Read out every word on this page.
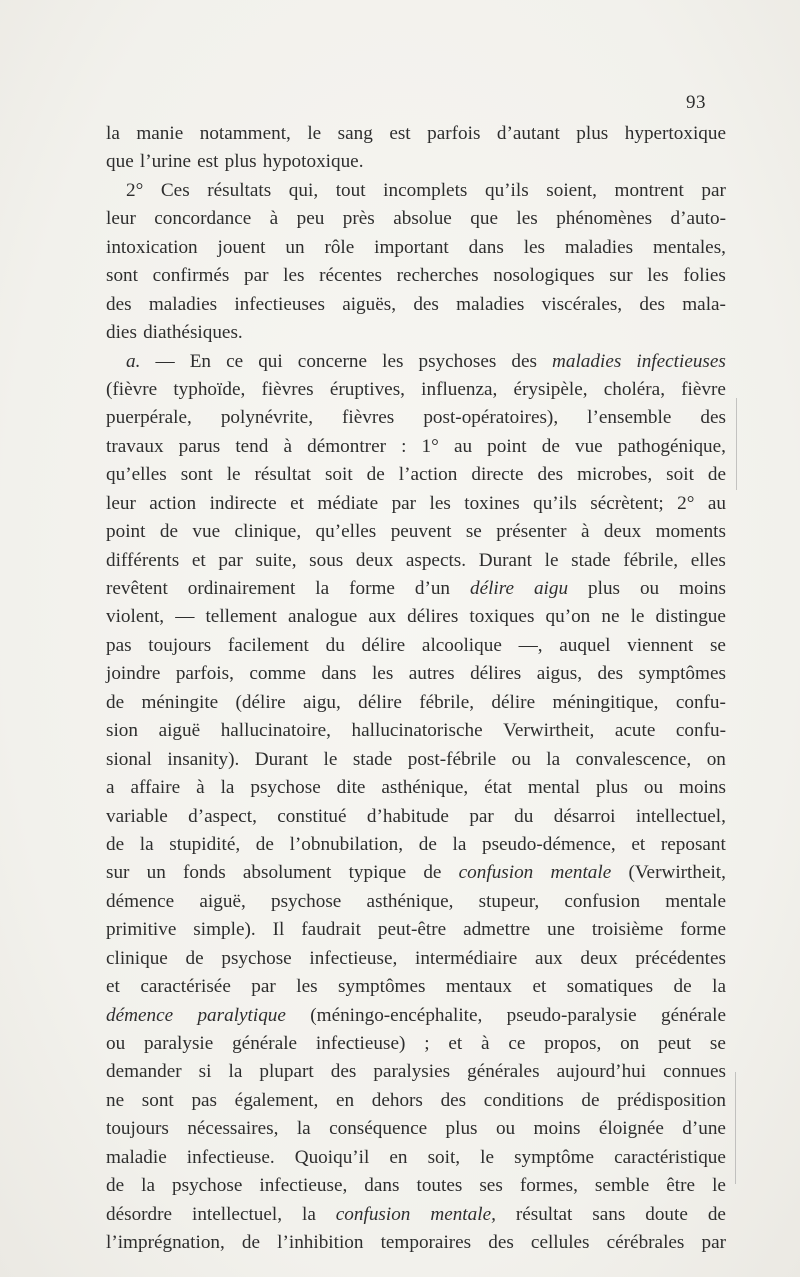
93
la manie notamment, le sang est parfois d’autant plus hypertoxique
que l’urine est plus hypotoxique.
2° Ces résultats qui, tout incomplets qu’ils soient, montrent par
leur concordance à peu près absolue que les phénomènes d’auto-
intoxication jouent un rôle important dans les maladies mentales,
sont confirmés par les récentes recherches nosologiques sur les folies
des maladies infectieuses aiguës, des maladies viscérales, des mala-
dies diathésiques.
a. — En ce qui concerne les psychoses des maladies infectieuses
(fièvre typhoïde, fièvres éruptives, influenza, érysipèle, choléra, fièvre
puerpérale, polynévrite, fièvres post-opératoires), l’ensemble des
travaux parus tend à démontrer : 1° au point de vue pathogénique,
qu’elles sont le résultat soit de l’action directe des microbes, soit de
leur action indirecte et médiate par les toxines qu’ils sécrètent; 2° au
point de vue clinique, qu’elles peuvent se présenter à deux moments
différents et par suite, sous deux aspects. Durant le stade fébrile, elles
revêtent ordinairement la forme d’un délire aigu plus ou moins
violent, — tellement analogue aux délires toxiques qu’on ne le distingue
pas toujours facilement du délire alcoolique —, auquel viennent se
joindre parfois, comme dans les autres délires aigus, des symptômes
de méningite (délire aigu, délire fébrile, délire méningitique, confu-
sion aiguë hallucinatoire, hallucinatorische Verwirtheit, acute confu-
sional insanity). Durant le stade post-fébrile ou la convalescence, on
a affaire à la psychose dite asthénique, état mental plus ou moins
variable d’aspect, constitué d’habitude par du désarroi intellectuel,
de la stupidité, de l’obnubilation, de la pseudo-démence, et reposant
sur un fonds absolument typique de confusion mentale (Verwirtheit,
démence aiguë, psychose asthénique, stupeur, confusion mentale
primitive simple). Il faudrait peut-être admettre une troisième forme
clinique de psychose infectieuse, intermédiaire aux deux précédentes
et caractérisée par les symptômes mentaux et somatiques de la
démence paralytique (méningo-encéphalite, pseudo-paralysie générale
ou paralysie générale infectieuse) ; et à ce propos, on peut se
demander si la plupart des paralysies générales aujourd’hui connues
ne sont pas également, en dehors des conditions de prédisposition
toujours nécessaires, la conséquence plus ou moins éloignée d’une
maladie infectieuse. Quoiqu’il en soit, le symptôme caractéristique
de la psychose infectieuse, dans toutes ses formes, semble être le
désordre intellectuel, la confusion mentale, résultat sans doute de
l’imprégnation, de l’inhibition temporaires des cellules cérébrales par
